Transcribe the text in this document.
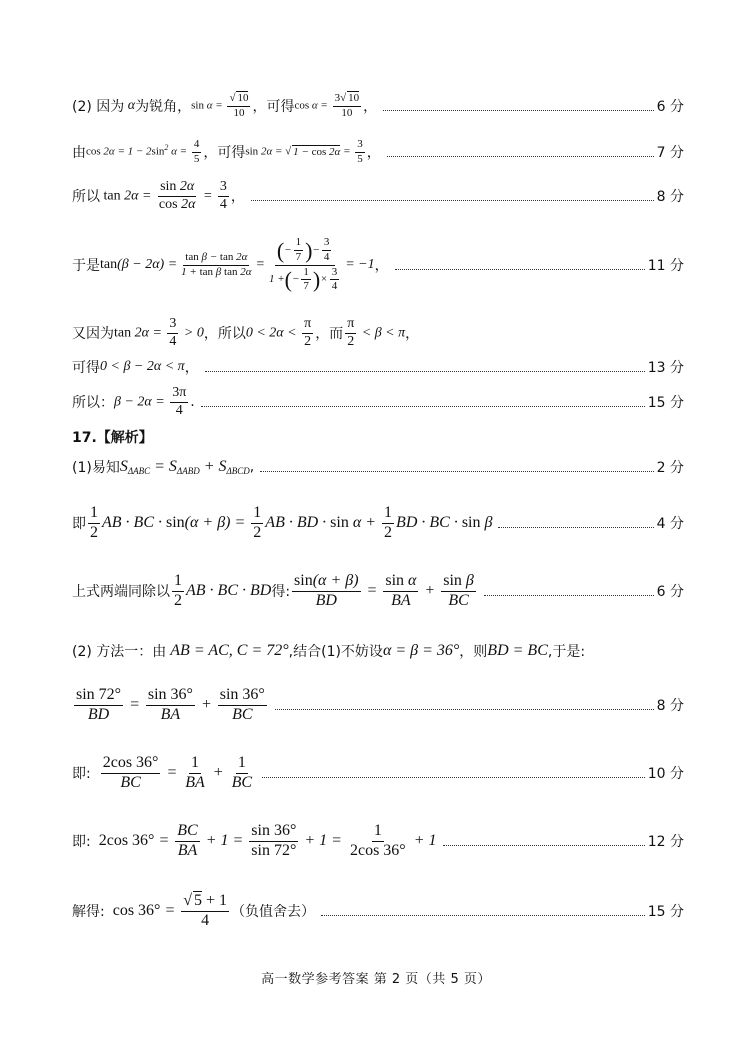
(2) 因为 α 为锐角， $\sin \alpha = \frac{√ 10}{10}$ ，可得 $\cos \alpha = \frac{3√ 10}{10}$ ，	6 分
由 $\cos 2\alpha = 1 - 2\sin^2$ $\alpha = \frac{4}{5}$ ，可得 sin 2α = √ $1 - \cos 2\alpha = \frac{3}{5}$ ，	7 分
所以 $\tan 2\alpha = \frac{\sin 2\alpha}{\cos 2\alpha} = \frac{3}{4}$ ，	8 分
于是 $\tan (\beta - 2\alpha) = \frac{\text{tan β − tan 2α}}{\text{1 + tan β tan 2α}} = \frac{( - \frac{1}{7} ) - \frac{3}{4}}{1 + ( - \frac{1}{7} ) \times \frac{3}{4}} = -1$ ，	11 分
又因为 $\tan 2\alpha = \frac{3}{4} > 0$ ，所以 $0 < 2\alpha < \frac{\pi}{2}$ ，而 $\frac{\pi}{2} < \beta < \pi$ ，
可得 0 < β − 2α < π ，	13 分
所以： $\beta - 2\alpha = \frac{3\pi}{4}$ .	15 分
17.【解析】
(1)易知 $S_{\Delta ABC} = S_{\Delta ABD} + S_{\Delta BCD}$ ,	2 分
即 $\frac{1}{2}$ AB · BC · $\sin(\alpha + \beta) = \frac{1}{2}$ AB · BD · $\sin \alpha + \frac{1}{2}$ BD · BC · sin β	4 分
上式两端同除以 $\frac{1}{2}$ AB · BC · BD 得: $\frac{\sin(\alpha + \beta)}{BD} = \frac{\text{sin α}}{BA} + \frac{\text{sin β}}{BC}$	6 分
(2) 方法一：由 AB = AC, C = 72° ,结合(1)不妨设 α = β = 36° ，则 BD = BC ,于是:
$\frac{\sin 72^\circ}{BD} = \frac{\sin 36^\circ}{BA} + \frac{\sin 36^\circ}{BC}$	8 分
即:
$\frac{2\cos 36^\circ}{BC} = \frac{1}{BA} + \frac{1}{BC}$	10 分
即: 2cos $36^\circ = \frac{BC}{BA} + 1 = \frac{\sin 36^\circ}{\sin 72^\circ} + 1 = \frac{1}{2\cos 36^\circ} + 1$	12 分
解得: $\cos 36^\circ = \frac{√ 5 + 1}{4}$ （负值舍去）	15 分
高一数学参考答案 第 2 页（共 5 页）
